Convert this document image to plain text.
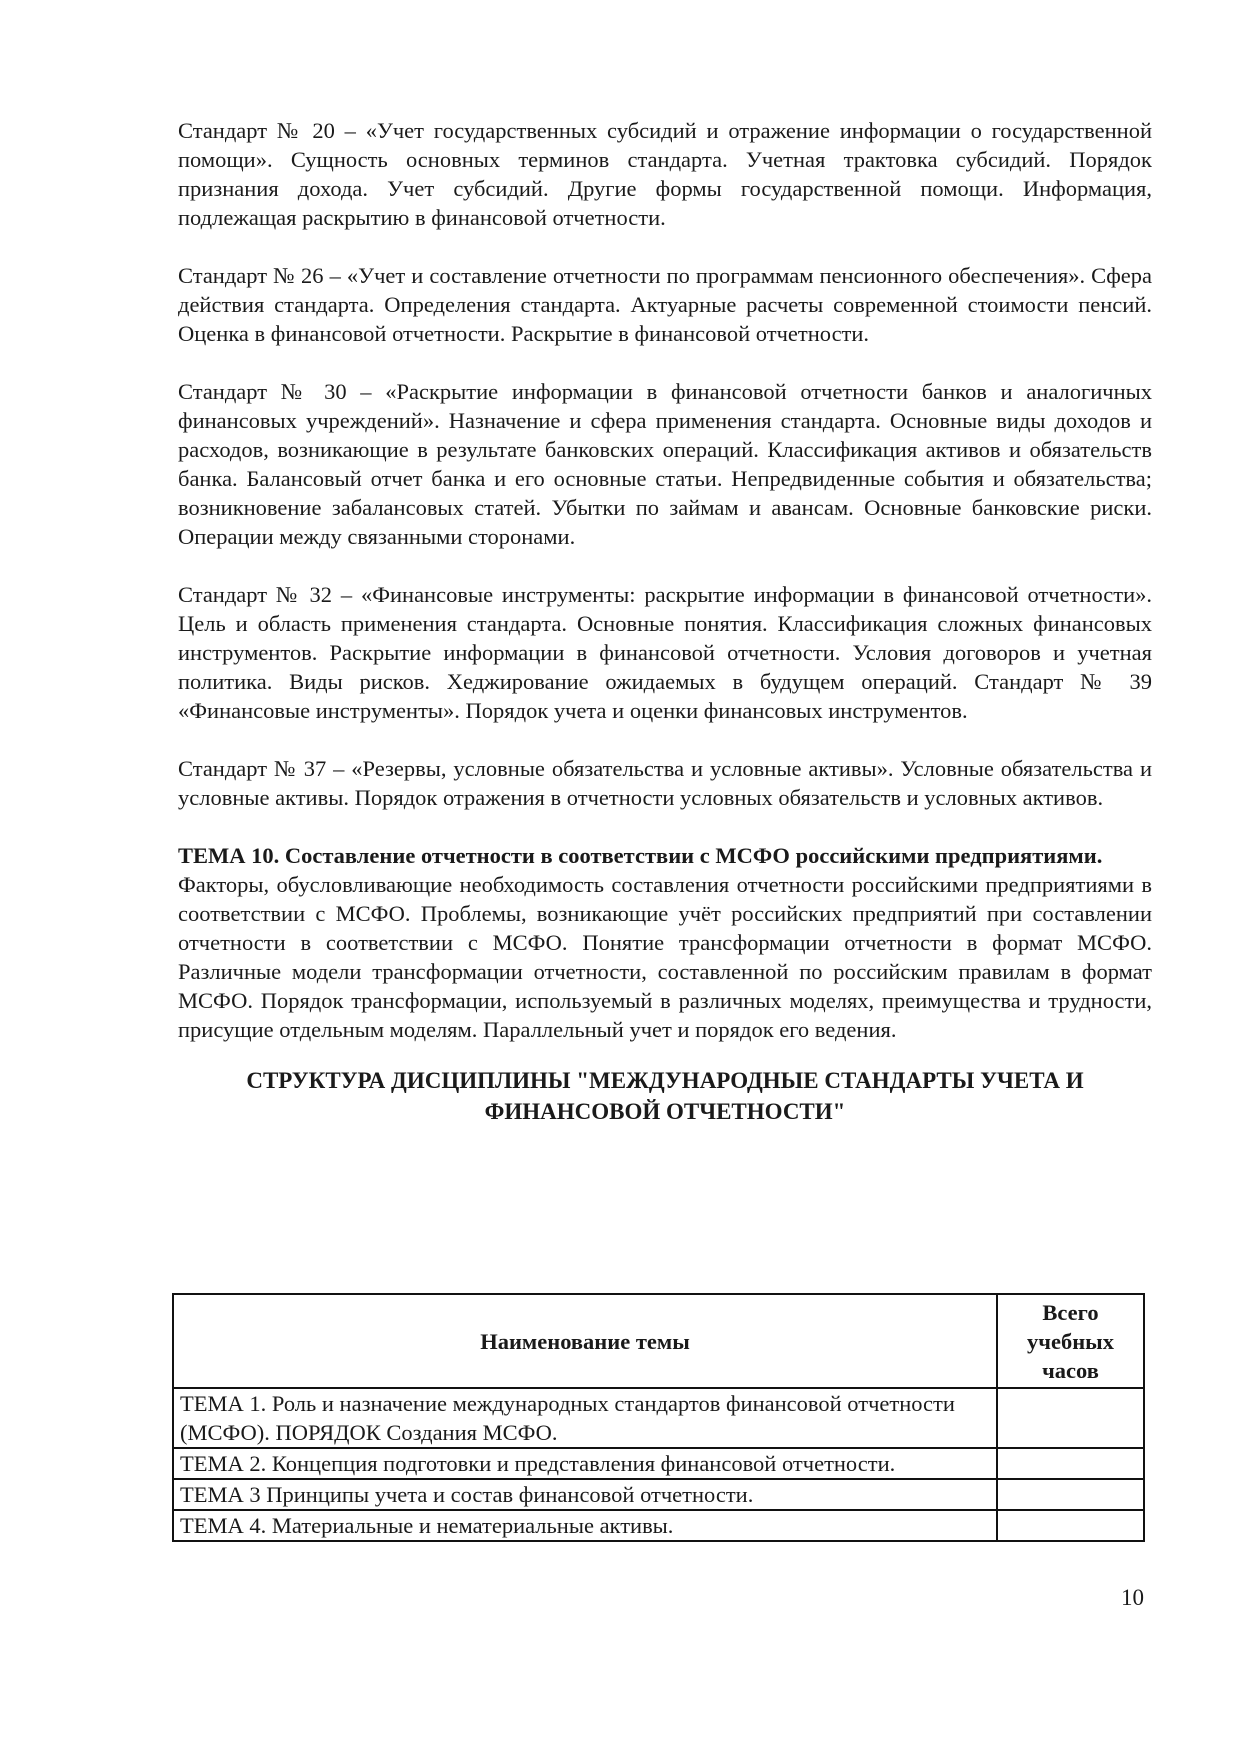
Стандарт № 20 – «Учет государственных субсидий и отражение информации о государственной помощи». Сущность основных терминов стандарта. Учетная трактовка субсидий. Порядок признания дохода. Учет субсидий. Другие формы государственной помощи. Информация, подлежащая раскрытию в финансовой отчетности.

Стандарт № 26 – «Учет и составление отчетности по программам пенсионного обеспечения». Сфера действия стандарта. Определения стандарта. Актуарные расчеты современной стоимости пенсий. Оценка в финансовой отчетности. Раскрытие в финансовой отчетности.

Стандарт № 30 – «Раскрытие информации в финансовой отчетности банков и аналогичных финансовых учреждений». Назначение и сфера применения стандарта. Основные виды доходов и расходов, возникающие в результате банковских операций. Классификация активов и обязательств банка. Балансовый отчет банка и его основные статьи. Непредвиденные события и обязательства; возникновение забалансовых статей. Убытки по займам и авансам. Основные банковские риски. Операции между связанными сторонами.

Стандарт № 32 – «Финансовые инструменты: раскрытие информации в финансовой отчетности». Цель и область применения стандарта. Основные понятия. Классификация сложных финансовых инструментов. Раскрытие информации в финансовой отчетности. Условия договоров и учетная политика. Виды рисков. Хеджирование ожидаемых в будущем операций. Стандарт № 39 «Финансовые инструменты». Порядок учета и оценки финансовых инструментов.

Стандарт № 37 – «Резервы, условные обязательства и условные активы». Условные обязательства и условные активы. Порядок отражения в отчетности условных обязательств и условных активов.

ТЕМА 10. Составление отчетности в соответствии с МСФО российскими предприятиями.

Факторы, обусловливающие необходимость составления отчетности российскими предприятиями в соответствии с МСФО. Проблемы, возникающие учёт российских предприятий при составлении отчетности в соответствии с МСФО. Понятие трансформации отчетности в формат МСФО. Различные модели трансформации отчетности, составленной по российским правилам в формат МСФО. Порядок трансформации, используемый в различных моделях, преимущества и трудности, присущие отдельным моделям. Параллельный учет и порядок его ведения.

СТРУКТУРА ДИСЦИПЛИНЫ "МЕЖДУНАРОДНЫЕ СТАНДАРТЫ УЧЕТА И

ФИНАНСОВОЙ ОТЧЕТНОСТИ"

Наименование темы	Всего учебных часов
ТЕМА 1. Роль и назначение международных стандартов финансовой отчетности (МСФО). ПОРЯДОК Создания МСФО.	
ТЕМА 2. Концепция подготовки и представления финансовой отчетности.	
ТЕМА 3 Принципы учета и состав финансовой отчетности.	
ТЕМА 4. Материальные и нематериальные активы.	
10
